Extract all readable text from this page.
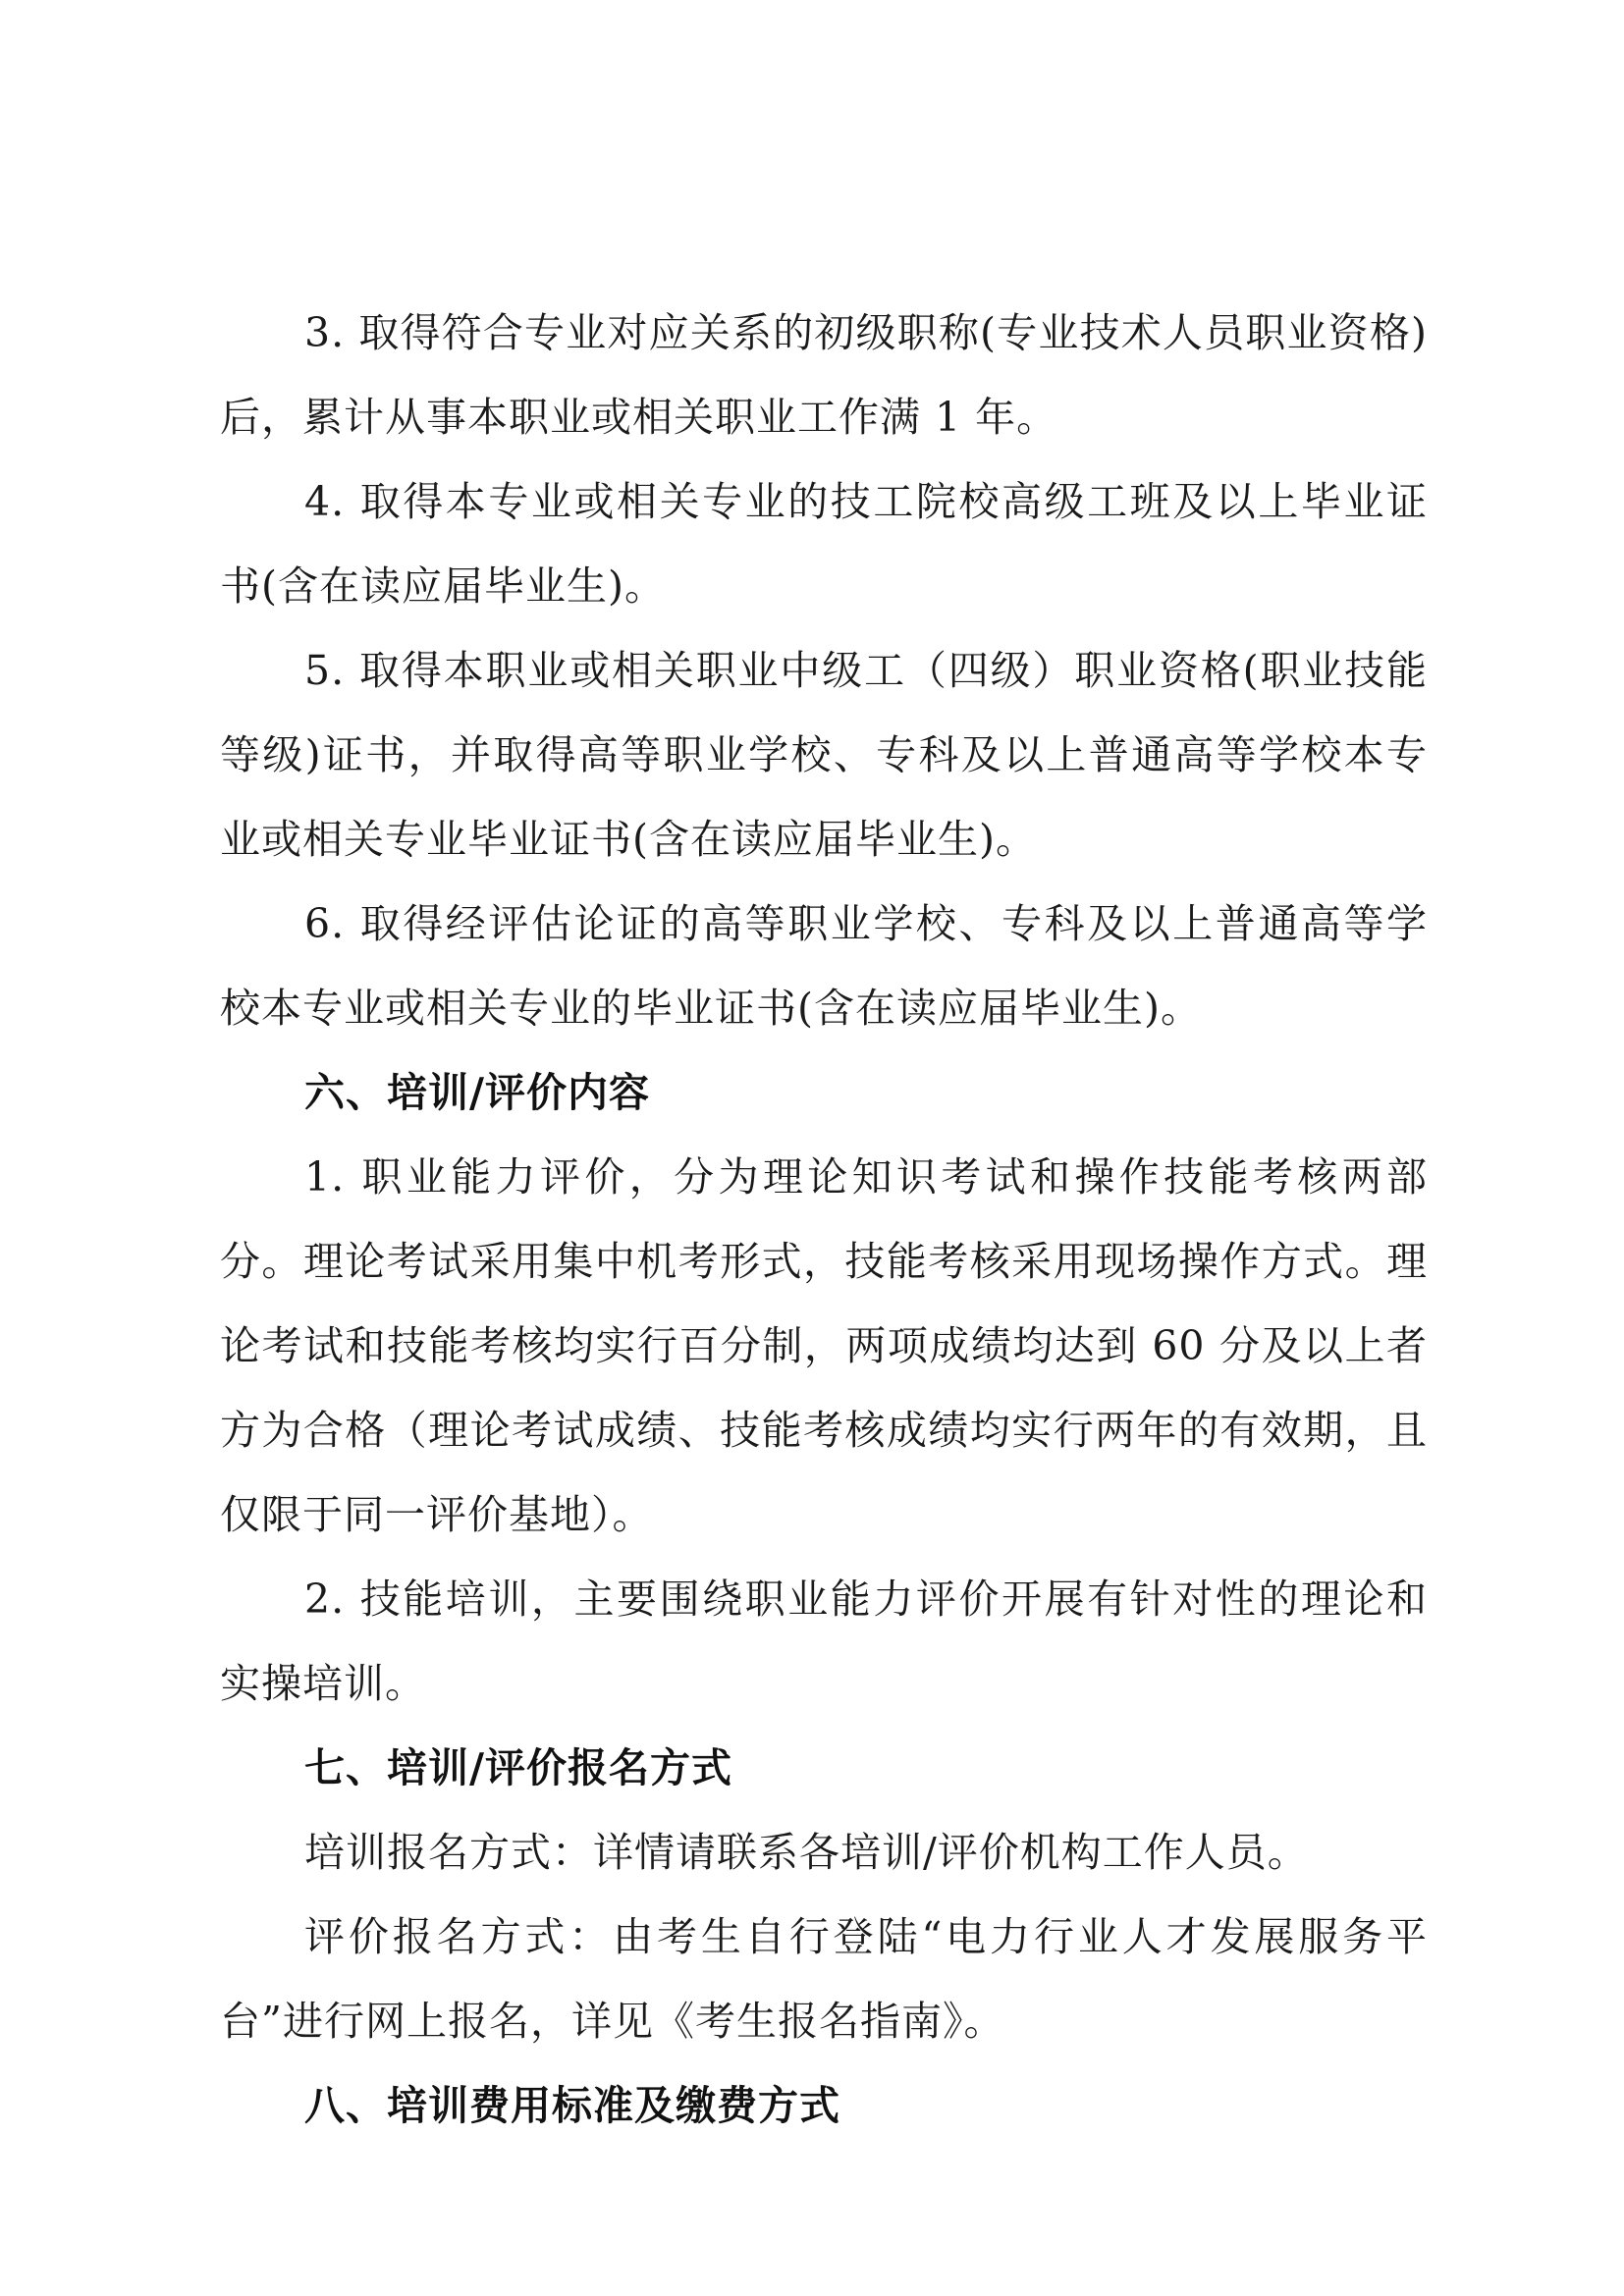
3. 取得符合专业对应关系的初级职称(专业技术人员职业资格)后，累计从事本职业或相关职业工作满 1 年。

4. 取得本专业或相关专业的技工院校高级工班及以上毕业证书(含在读应届毕业生)。

5. 取得本职业或相关职业中级工（四级）职业资格(职业技能等级)证书，并取得高等职业学校、专科及以上普通高等学校本专业或相关专业毕业证书(含在读应届毕业生)。

6. 取得经评估论证的高等职业学校、专科及以上普通高等学校本专业或相关专业的毕业证书(含在读应届毕业生)。

六、培训/评价内容

1. 职业能力评价，分为理论知识考试和操作技能考核两部分。理论考试采用集中机考形式，技能考核采用现场操作方式。理论考试和技能考核均实行百分制，两项成绩均达到 60 分及以上者方为合格（理论考试成绩、技能考核成绩均实行两年的有效期，且仅限于同一评价基地）。

2. 技能培训，主要围绕职业能力评价开展有针对性的理论和实操培训。

七、培训/评价报名方式

培训报名方式：详情请联系各培训/评价机构工作人员。

评价报名方式：由考生自行登陆“电力行业人才发展服务平台”进行网上报名，详见《考生报名指南》。

八、培训费用标准及缴费方式
